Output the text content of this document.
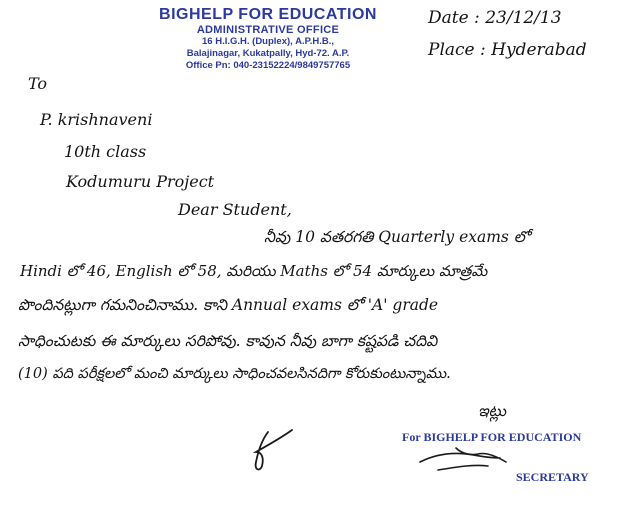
BIGHELP FOR EDUCATION
ADMINISTRATIVE OFFICE
16 H.I.G.H. (Duplex), A.P.H.B.,
Balajinagar, Kukatpally, Hyd-72. A.P.
Office Pn: 040-23152224/9849757765
Date : 23/12/13
Place : Hyderabad
To
P. krishnaveni
10th class
Kodumuru Project
Dear Student,
నీవు 10 వతరగతి Quarterly exams లో
Hindi లో 46, English లో 58, మరియు Maths లో 54 మార్కులు మాత్రమే
పొందినట్లుగా గమనించినాము. కాని Annual exams లో 'A' grade
సాధించుటకు ఈ మార్కులు సరిపోవు. కావున నీవు బాగా కష్టపడి చదివి
(10) పది పరీక్షలలో మంచి మార్కులు సాధించవలసినదిగా కోరుకుంటున్నాము.
ఇట్లు
For BIGHELP FOR EDUCATION
SECRETARY
